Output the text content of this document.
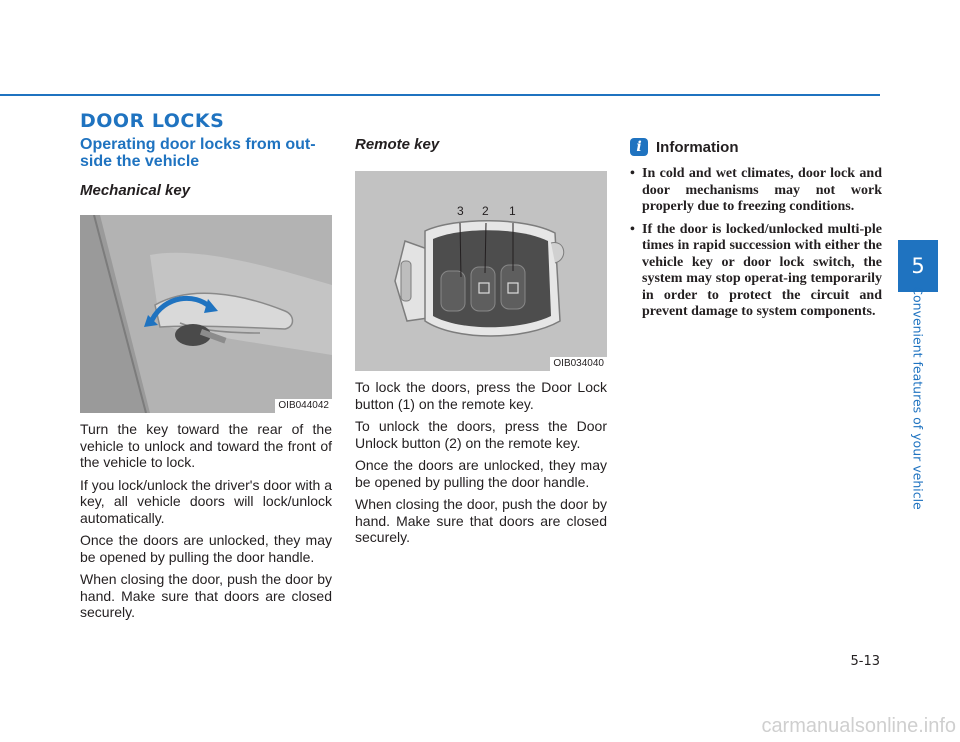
DOOR LOCKS
Operating door locks from out-
side the vehicle
Mechanical key
OIB044042

Turn the key toward the rear of the vehicle to unlock and toward the front of the vehicle to lock.

If you lock/unlock the driver's door with a key, all vehicle doors will lock/unlock automatically.

Once the doors are unlocked, they may be opened by pulling the door handle.

When closing the door, push the door by hand. Make sure that doors are closed securely.

Remote key
3 2 1
OIB034040

To lock the doors, press the Door Lock button (1) on the remote key.

To unlock the doors, press the Door Unlock button (2) on the remote key.

Once the doors are unlocked, they may be opened by pulling the door handle.

When closing the door, push the door by hand. Make sure that doors are closed securely.

i Information
• In cold and wet climates, door lock and door mechanisms may not work properly due to freezing conditions.
• If the door is locked/unlocked multi-ple times in rapid succession with either the vehicle key or door lock switch, the system may stop operat-ing temporarily in order to protect the circuit and prevent damage to system components.
5
Convenient features of your vehicle
5-13
carmanualsonline.info
